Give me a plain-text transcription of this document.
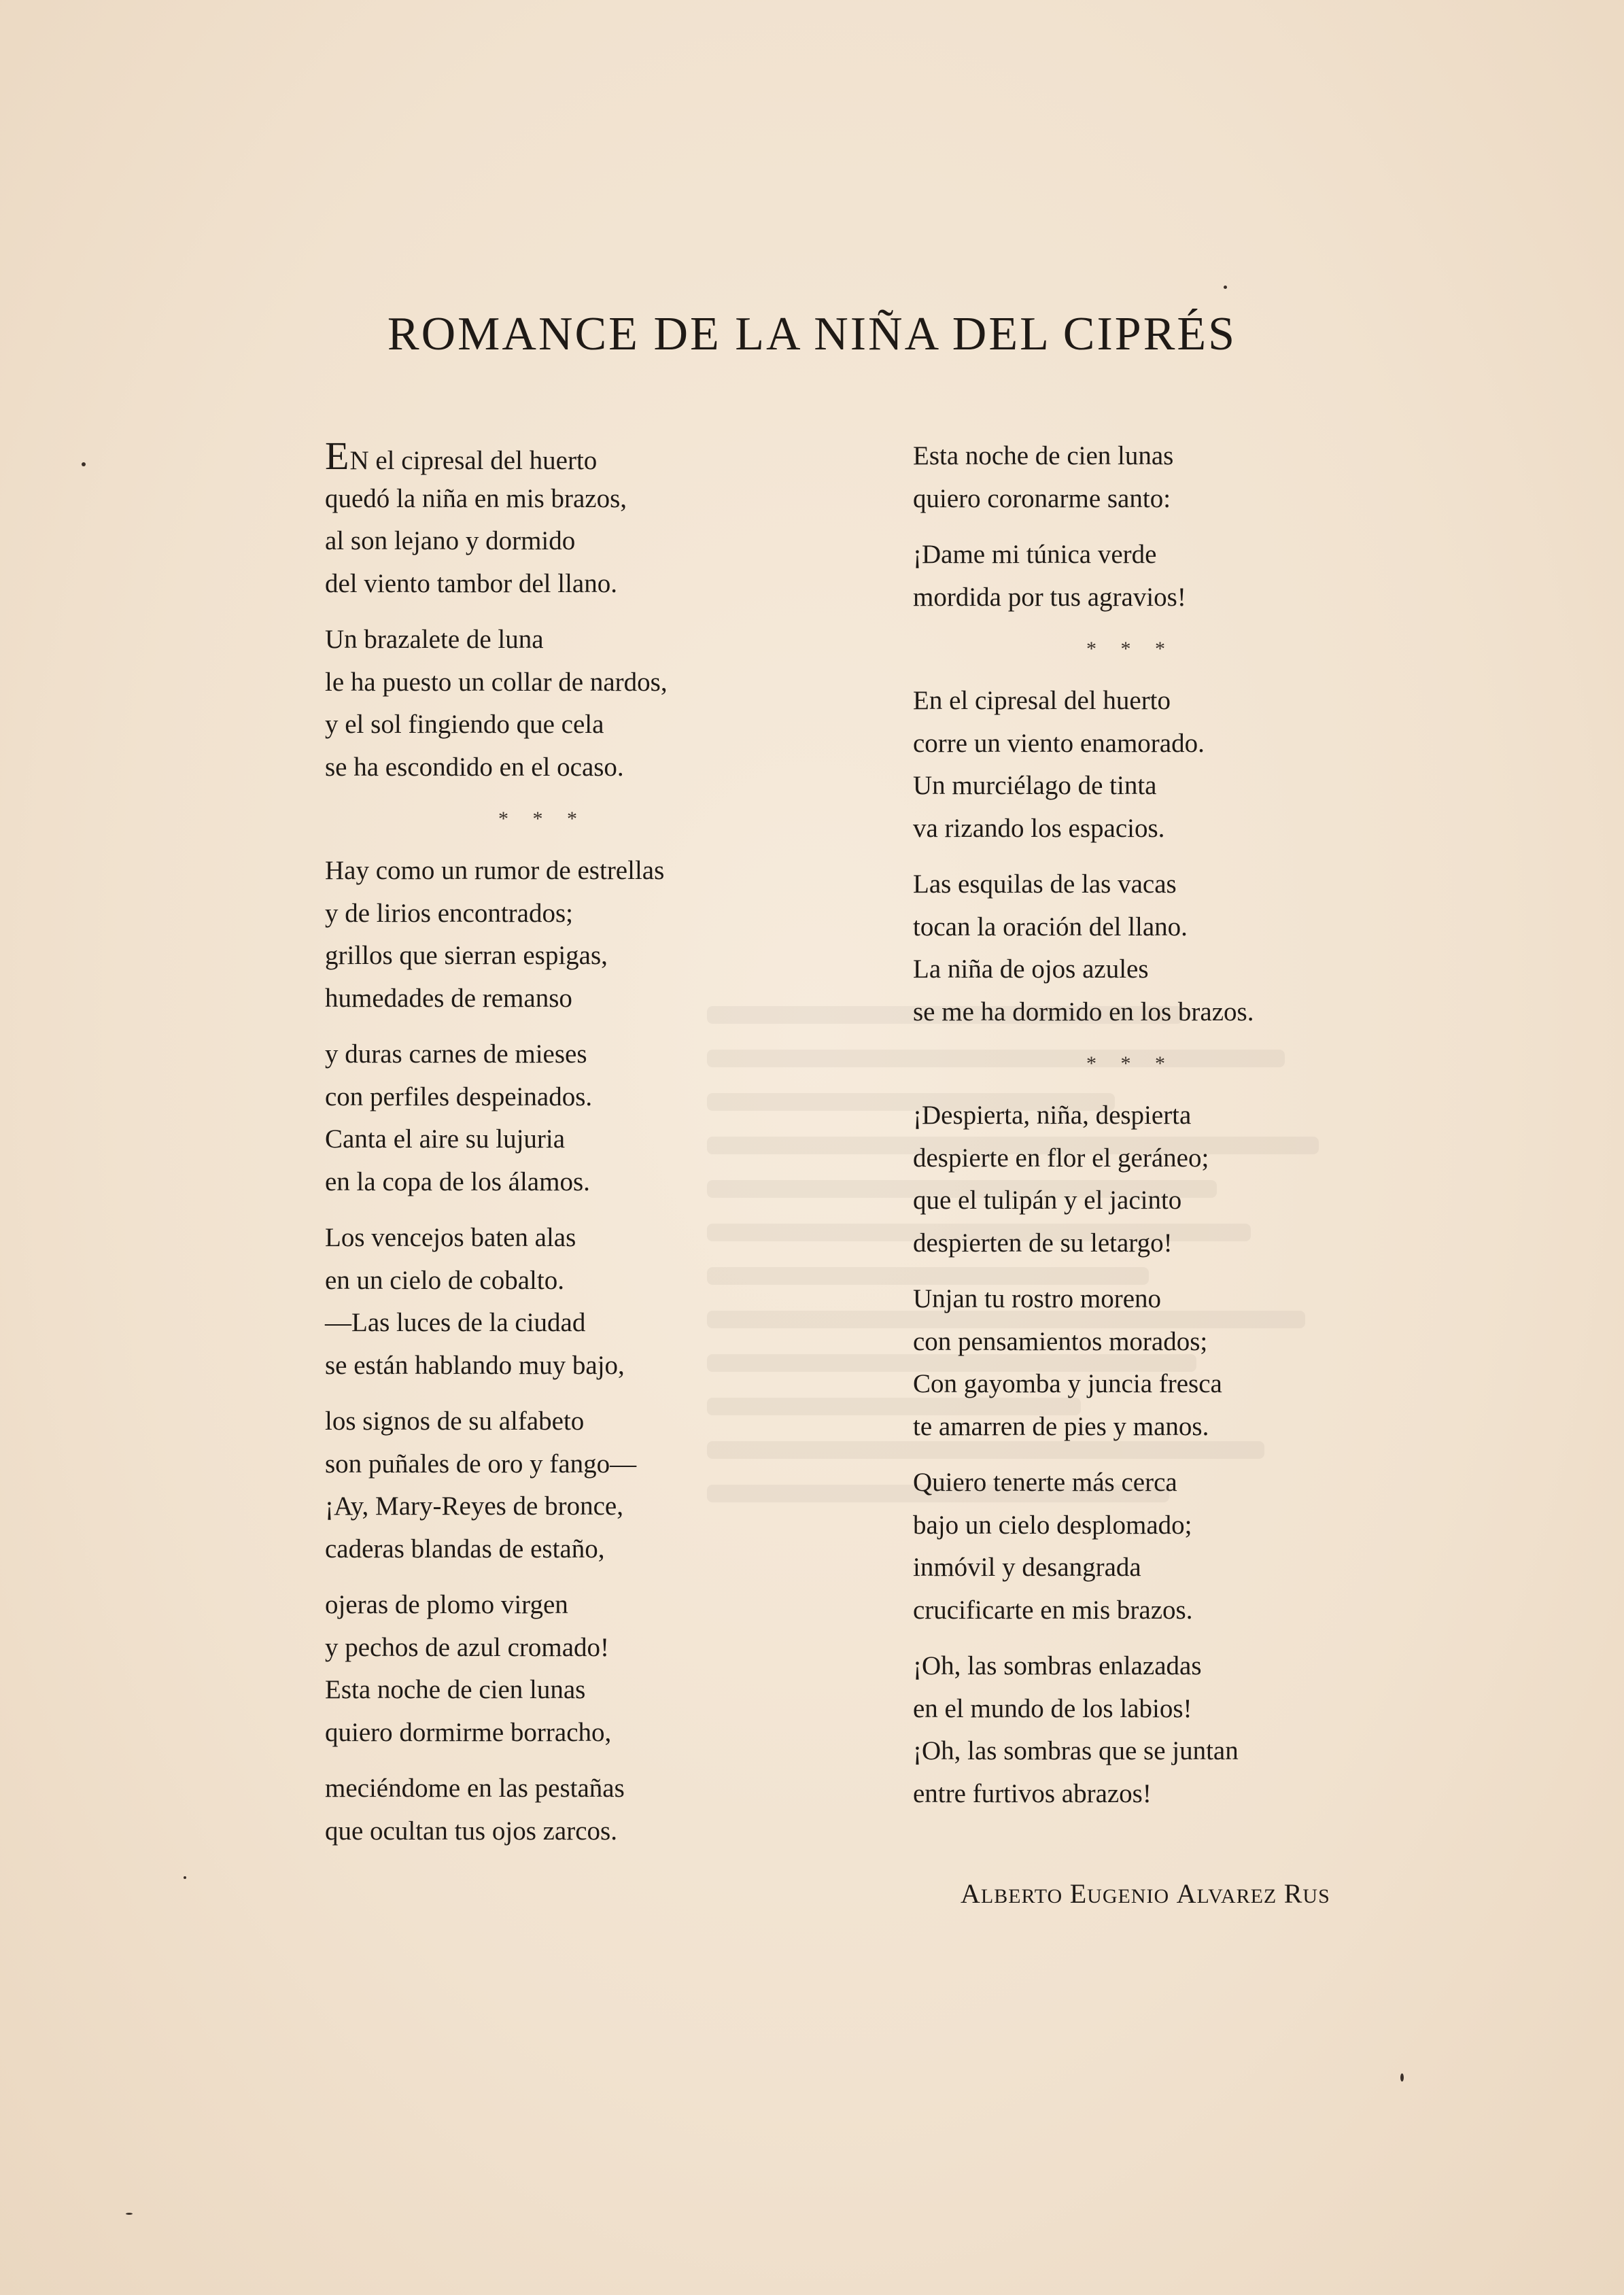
ROMANCE DE LA NIÑA DEL CIPRÉS
EN el cipresal del huerto
quedó la niña en mis brazos,
al son lejano y dormido
del viento tambor del llano.
Un brazalete de luna
le ha puesto un collar de nardos,
y el sol fingiendo que cela
se ha escondido en el ocaso.
* * *
Hay como un rumor de estrellas
y de lirios encontrados;
grillos que sierran espigas,
humedades de remanso
y duras carnes de mieses
con perfiles despeinados.
Canta el aire su lujuria
en la copa de los álamos.
Los vencejos baten alas
en un cielo de cobalto.
—Las luces de la ciudad
se están hablando muy bajo,
los signos de su alfabeto
son puñales de oro y fango—
¡Ay, Mary-Reyes de bronce,
caderas blandas de estaño,
ojeras de plomo virgen
y pechos de azul cromado!
Esta noche de cien lunas
quiero dormirme borracho,
meciéndome en las pestañas
que ocultan tus ojos zarcos.
Esta noche de cien lunas
quiero coronarme santo:
¡Dame mi túnica verde
mordida por tus agravios!
* * *
En el cipresal del huerto
corre un viento enamorado.
Un murciélago de tinta
va rizando los espacios.
Las esquilas de las vacas
tocan la oración del llano.
La niña de ojos azules
se me ha dormido en los brazos.
* * *
¡Despierta, niña, despierta
despierte en flor el geráneo;
que el tulipán y el jacinto
despierten de su letargo!
Unjan tu rostro moreno
con pensamientos morados;
Con gayomba y juncia fresca
te amarren de pies y manos.
Quiero tenerte más cerca
bajo un cielo desplomado;
inmóvil y desangrada
crucificarte en mis brazos.
¡Oh, las sombras enlazadas
en el mundo de los labios!
¡Oh, las sombras que se juntan
entre furtivos abrazos!
ALBERTO EUGENIO ALVAREZ RUS
